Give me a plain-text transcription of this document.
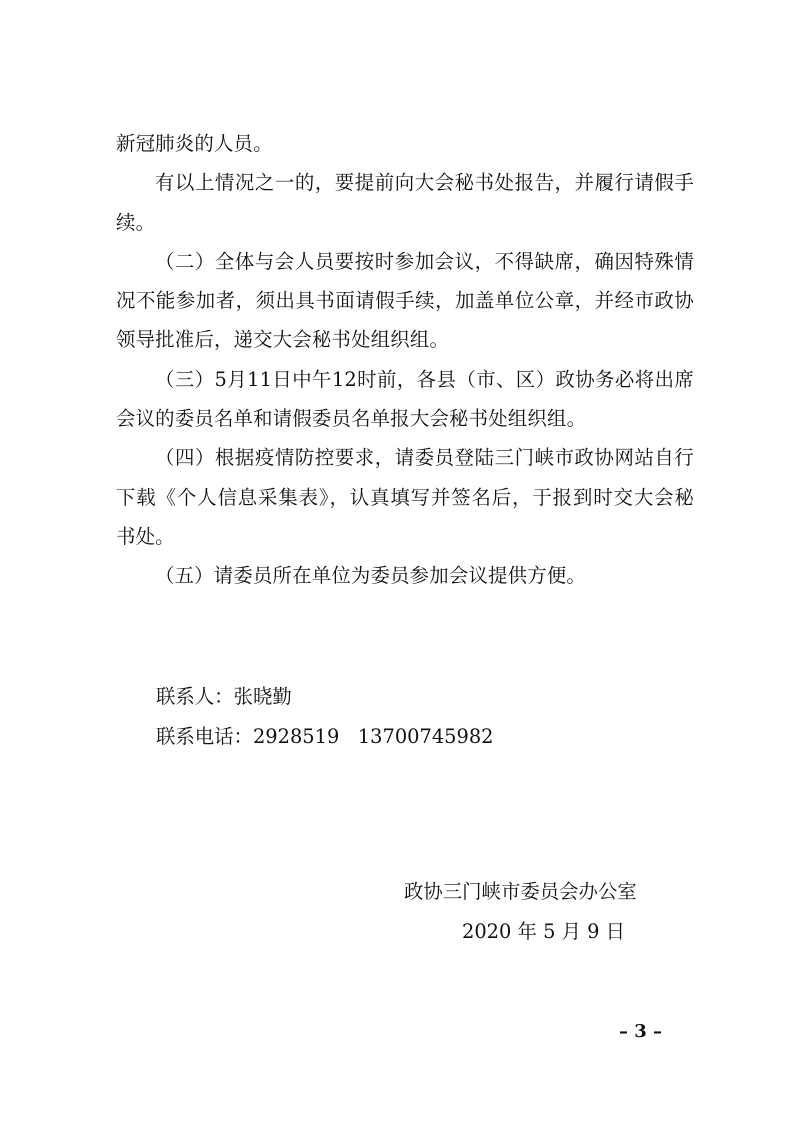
新冠肺炎的人员。

有以上情况之一的，要提前向大会秘书处报告，并履行请假手续。

（二）全体与会人员要按时参加会议，不得缺席，确因特殊情况不能参加者，须出具书面请假手续，加盖单位公章，并经市政协领导批准后，递交大会秘书处组织组。

（三）5月11日中午12时前，各县（市、区）政协务必将出席会议的委员名单和请假委员名单报大会秘书处组织组。

（四）根据疫情防控要求，请委员登陆三门峡市政协网站自行下载《个人信息采集表》，认真填写并签名后，于报到时交大会秘书处。

（五）请委员所在单位为委员参加会议提供方便。

联系人：张晓勤

联系电话：2928519   13700745982

政协三门峡市委员会办公室

2020 年 5 月 9 日

– 3 –
